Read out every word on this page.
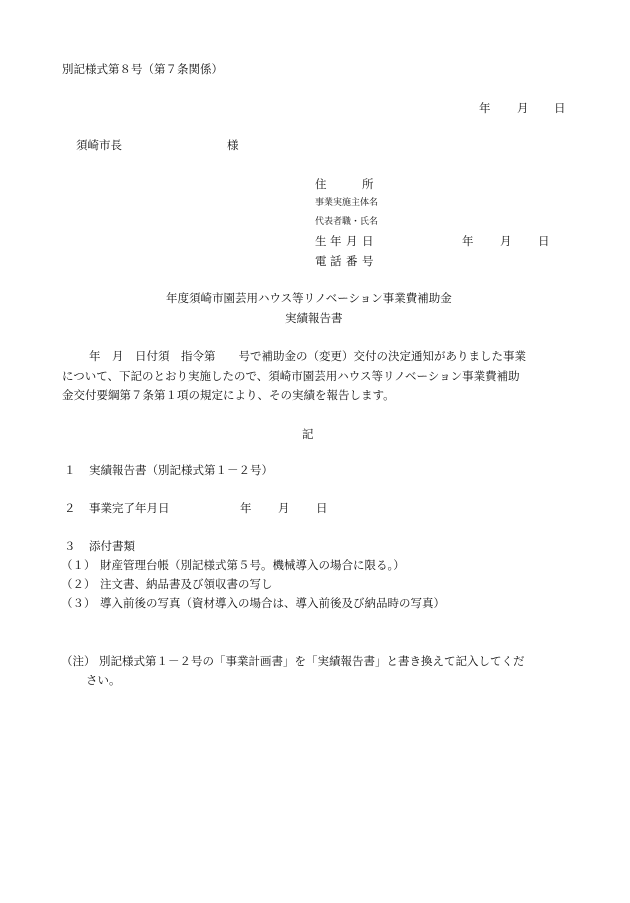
別記様式第８号（第７条関係）
年 月 日
須崎市長	様
住	所
事業実施主体名
代表者職・氏名
生 年 月 日	年 月 日
電 話 番 号
年度須崎市園芸用ハウス等リノベーション事業費補助金
実績報告書
年　月　日付須　指令第　　号で補助金の（変更）交付の決定通知がありました事業
について、下記のとおり実施したので、須崎市園芸用ハウス等リノベーション事業費補助
金交付要綱第７条第１項の規定により、その実績を報告します。
記
１ 実績報告書（別記様式第１－２号）
２ 事業完了年月日	年 月 日
３ 添付書類
（１） 財産管理台帳（別記様式第５号。機械導入の場合に限る。）
（２） 注文書、納品書及び領収書の写し
（３） 導入前後の写真（資材導入の場合は、導入前後及び納品時の写真）
（注） 別記様式第１－２号の「事業計画書」を「実績報告書」と書き換えて記入してくだ
さい。
